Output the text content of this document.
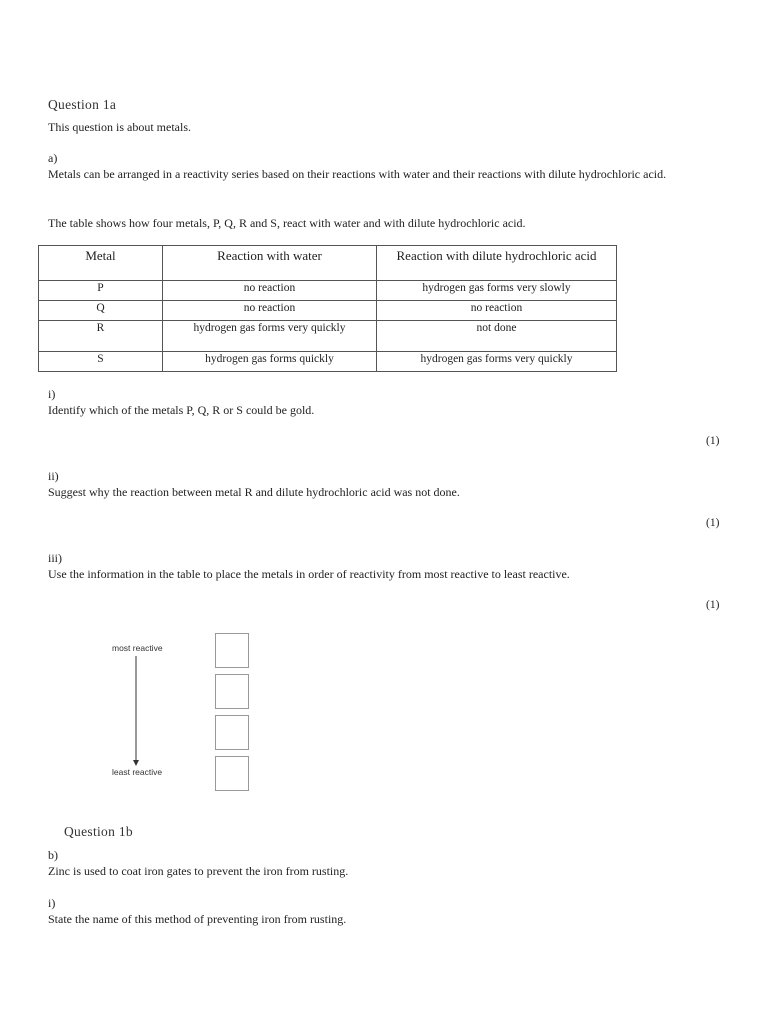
Question 1a
This question is about metals.
a)
Metals can be arranged in a reactivity series based on their reactions with water and their reactions with dilute hydrochloric acid.
The table shows how four metals, P, Q, R and S, react with water and with dilute hydrochloric acid.
Metal	Reaction with water	Reaction with dilute hydrochloric acid
P	no reaction	hydrogen gas forms very slowly
Q	no reaction	no reaction
R	hydrogen gas forms very quickly	not done
S	hydrogen gas forms quickly	hydrogen gas forms very quickly
i)
Identify which of the metals P, Q, R or S could be gold.
(1)
ii)
Suggest why the reaction between metal R and dilute hydrochloric acid was not done.
(1)
iii)
Use the information in the table to place the metals in order of reactivity from most reactive to least reactive.
(1)
most reactive
least reactive
Question 1b
b)
Zinc is used to coat iron gates to prevent the iron from rusting.
i)
State the name of this method of preventing iron from rusting.
